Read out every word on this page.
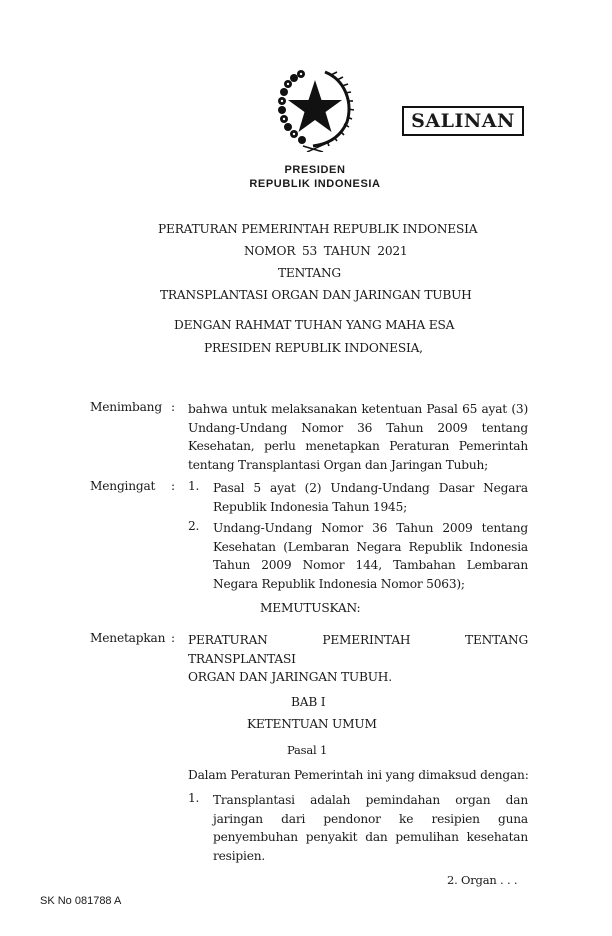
SALINAN
PRESIDEN
REPUBLIK INDONESIA
PERATURAN PEMERINTAH REPUBLIK INDONESIA
NOMOR 53 TAHUN 2021
TENTANG
TRANSPLANTASI ORGAN DAN JARINGAN TUBUH
DENGAN RAHMAT TUHAN YANG MAHA ESA
PRESIDEN REPUBLIK INDONESIA,
Menimbang : bahwa untuk melaksanakan ketentuan Pasal 65 ayat (3)
Undang-Undang Nomor 36 Tahun 2009 tentang
Kesehatan, perlu menetapkan Peraturan Pemerintah
tentang Transplantasi Organ dan Jaringan Tubuh;
Mengingat : 1. Pasal 5 ayat (2) Undang-Undang Dasar Negara
Republik Indonesia Tahun 1945;
2. Undang-Undang Nomor 36 Tahun 2009 tentang
Kesehatan (Lembaran Negara Republik Indonesia
Tahun 2009 Nomor 144, Tambahan Lembaran
Negara Republik Indonesia Nomor 5063);
MEMUTUSKAN:
Menetapkan : PERATURAN PEMERINTAH TENTANG TRANSPLANTASI
ORGAN DAN JARINGAN TUBUH.
BAB I
KETENTUAN UMUM
Pasal 1
Dalam Peraturan Pemerintah ini yang dimaksud dengan:
1. Transplantasi adalah pemindahan organ dan
jaringan dari pendonor ke resipien guna
penyembuhan penyakit dan pemulihan kesehatan
resipien.
2. Organ . . .
SK No 081788 A
